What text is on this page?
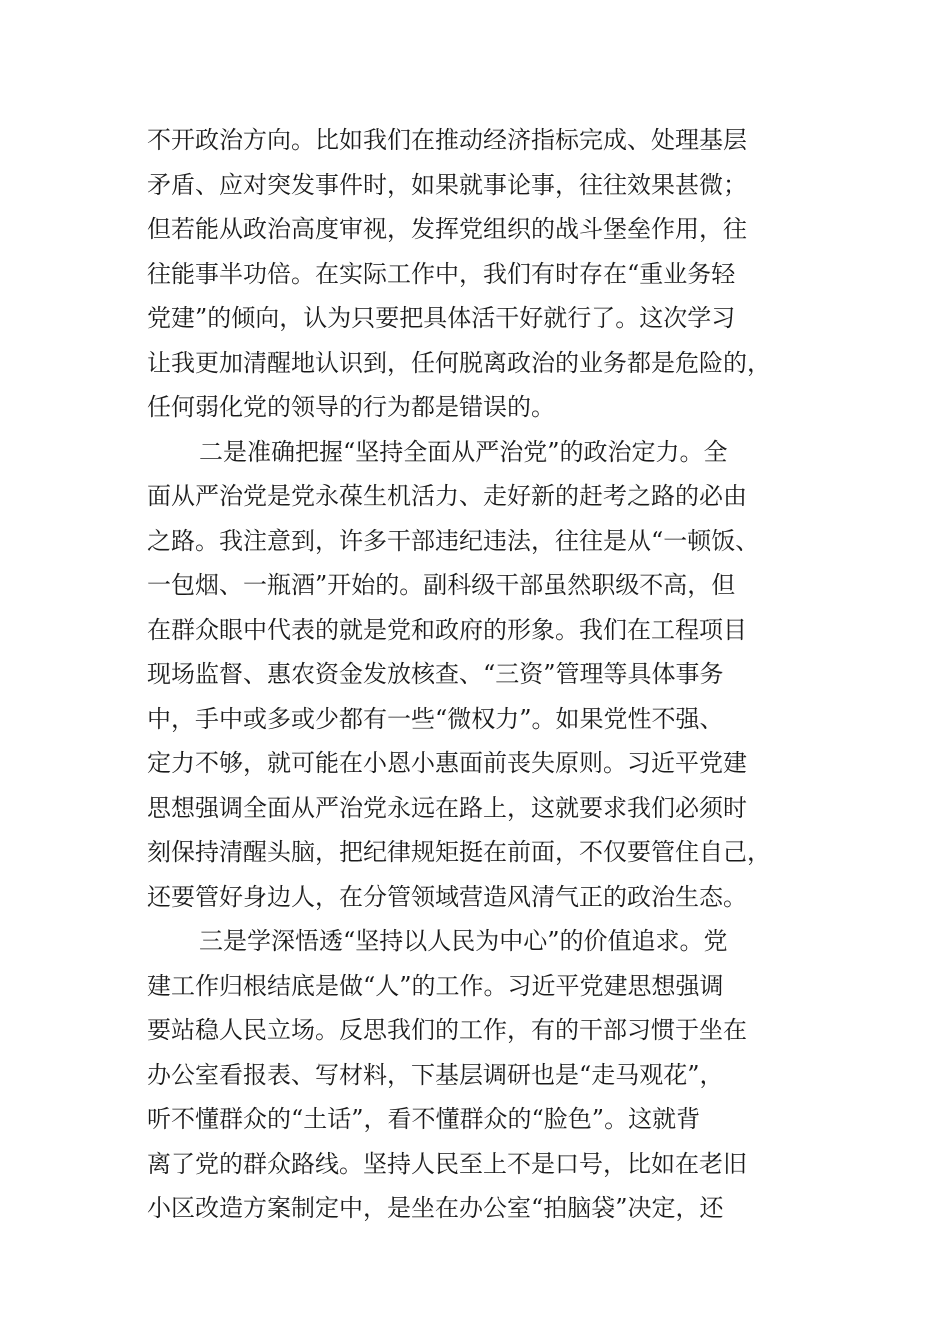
不开政治方向。比如我们在推动经济指标完成、处理基层
矛盾、应对突发事件时，如果就事论事，往往效果甚微；
但若能从政治高度审视，发挥党组织的战斗堡垒作用，往
往能事半功倍。在实际工作中，我们有时存在“重业务轻
党建”的倾向，认为只要把具体活干好就行了。这次学习
让我更加清醒地认识到，任何脱离政治的业务都是危险的，
任何弱化党的领导的行为都是错误的。
二是准确把握“坚持全面从严治党”的政治定力。全
面从严治党是党永葆生机活力、走好新的赶考之路的必由
之路。我注意到，许多干部违纪违法，往往是从“一顿饭、
一包烟、一瓶酒”开始的。副科级干部虽然职级不高，但
在群众眼中代表的就是党和政府的形象。我们在工程项目
现场监督、惠农资金发放核查、“三资”管理等具体事务
中，手中或多或少都有一些“微权力”。如果党性不强、
定力不够，就可能在小恩小惠面前丧失原则。习近平党建
思想强调全面从严治党永远在路上，这就要求我们必须时
刻保持清醒头脑，把纪律规矩挺在前面，不仅要管住自己，
还要管好身边人，在分管领域营造风清气正的政治生态。
三是学深悟透“坚持以人民为中心”的价值追求。党
建工作归根结底是做“人”的工作。习近平党建思想强调
要站稳人民立场。反思我们的工作，有的干部习惯于坐在
办公室看报表、写材料，下基层调研也是“走马观花”，
听不懂群众的“土话”，看不懂群众的“脸色”。这就背
离了党的群众路线。坚持人民至上不是口号，比如在老旧
小区改造方案制定中，是坐在办公室“拍脑袋”决定，还
